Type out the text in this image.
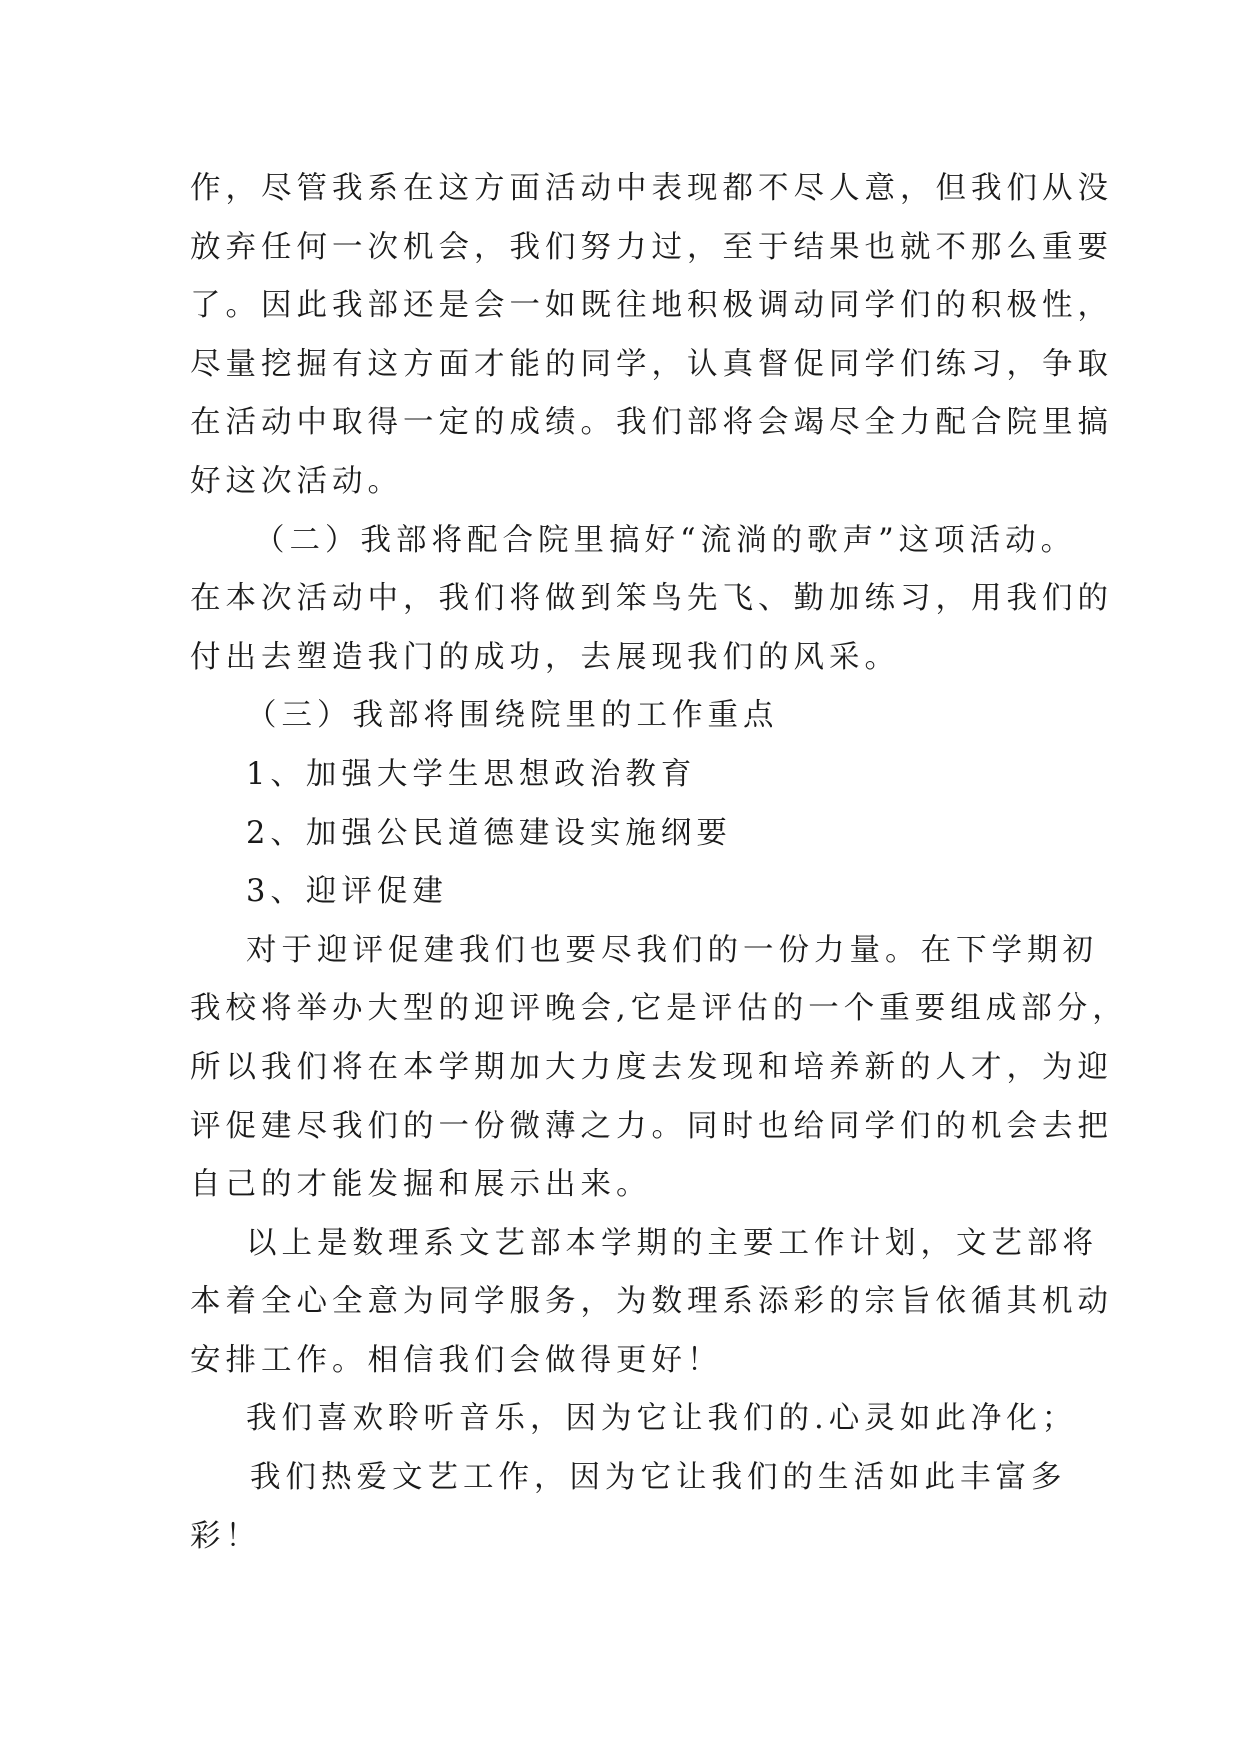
作，尽管我系在这方面活动中表现都不尽人意，但我们从没
放弃任何一次机会，我们努力过，至于结果也就不那么重要
了。因此我部还是会一如既往地积极调动同学们的积极性，
尽量挖掘有这方面才能的同学，认真督促同学们练习，争取
在活动中取得一定的成绩。我们部将会竭尽全力配合院里搞
好这次活动。
（二）我部将配合院里搞好“流淌的歌声”这项活动。
在本次活动中，我们将做到笨鸟先飞、勤加练习，用我们的
付出去塑造我门的成功，去展现我们的风采。
（三）我部将围绕院里的工作重点
1、加强大学生思想政治教育
2、加强公民道德建设实施纲要
3、迎评促建
对于迎评促建我们也要尽我们的一份力量。在下学期初
我校将举办大型的迎评晚会,它是评估的一个重要组成部分，
所以我们将在本学期加大力度去发现和培养新的人才，为迎
评促建尽我们的一份微薄之力。同时也给同学们的机会去把
自己的才能发掘和展示出来。
以上是数理系文艺部本学期的主要工作计划，文艺部将
本着全心全意为同学服务，为数理系添彩的宗旨依循其机动
安排工作。相信我们会做得更好！
我们喜欢聆听音乐，因为它让我们的.心灵如此净化；
我们热爱文艺工作，因为它让我们的生活如此丰富多
彩！
